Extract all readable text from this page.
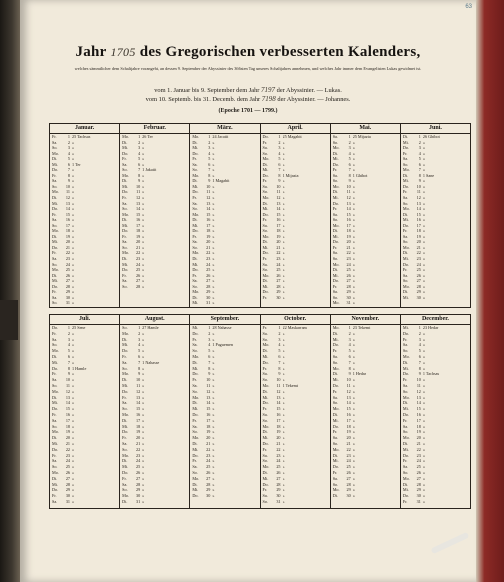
63
Jahr 1705 des Gregorischen verbesserten Kalenders,
welches sämmtlicher dem Schaltjahre vorangeht, an dessen 9. September der Abyssinier des 366sten Tag unseres Schaltjahres annehmen, und welches Jahr immer dem Evangelisten Lukas gewidmet ist.
vom 1. Januar bis 9. September dem Jahr 7197 der Abyssinier. — Lukas.
vom 10. Septemb. bis 31. Decemb. dem Jahr 7198 der Abyssinier. — Johannes.
(Epoche 1701 — 1799.)
Januar.
Fr.	1 25 Tachsas
Sa.	2 »
So.	3 »
Mo.	4 »
Di.	5 »
Mi.	6 1 Ter
Do.	7 »
Fr.	8 »
Sa.	9 »
So.	10 »
Mo.	11 »
Di.	12 »
Mi.	13 »
Do.	14 »
Fr.	15 »
Sa.	16 »
So.	17 »
Mo.	18 »
Di.	19 »
Mi.	20 »
Do.	21 »
Fr.	22 »
Sa.	23 »
So.	24 »
Mo.	25 »
Di.	26 »
Mi.	27 »
Do.	28 »
Fr.	29 »
Sa.	30 »
So.	31 »
Februar.
Mo.	1 26 Ter
Di.	2 »
Mi.	3 »
Do.	4 »
Fr.	5 »
Sa.	6 »
So.	7 1 Jakatit
Mo.	8 »
Di.	9 »
Mi.	10 »
Do.	11 »
Fr.	12 »
Sa.	13 »
So.	14 »
Mo.	15 »
Di.	16 »
Mi.	17 »
Do.	18 »
Fr.	19 »
Sa.	20 »
So.	21 »
Mo.	22 »
Di.	23 »
Mi.	24 »
Do.	25 »
Fr.	26 »
Sa.	27 »
So.	28 »
März.
Mo.	1 24 Jacatit
Di.	2 »
Mi.	3 »
Do.	4 »
Fr.	5 »
Sa.	6 »
So.	7 »
Mo.	8 »
Di.	9 1 Magabit
Mi.	10 »
Do.	11 »
Fr.	12 »
Sa.	13 »
So.	14 »
Mo.	15 »
Di.	16 »
Mi.	17 »
Do.	18 »
Fr.	19 »
Sa.	20 »
So.	21 »
Mo.	22 »
Di.	23 »
Mi.	24 »
Do.	25 »
Fr.	26 »
Sa.	27 »
So.	28 »
Mo.	29 »
Di.	30 »
Mi.	31 »
April.
Do.	1 25 Magabit
Fr.	2 »
Sa.	3 »
So.	4 »
Mo.	5 »
Di.	6 »
Mi.	7 »
Do.	8 1 Mijazia
Fr.	9 »
Sa.	10 »
So.	11 »
Mo.	12 »
Di.	13 »
Mi.	14 »
Do.	15 »
Fr.	16 »
Sa.	17 »
So.	18 »
Mo.	19 »
Di.	20 »
Mi.	21 »
Do.	22 »
Fr.	23 »
Sa.	24 »
So.	25 »
Mo.	26 »
Di.	27 »
Mi.	28 »
Do.	29 »
Fr.	30 »
Mai.
Sa.	1 25 Mijazia
So.	2 »
Mo.	3 »
Di.	4 »
Mi.	5 »
Do.	6 »
Fr.	7 »
Sa.	8 1 Ghibot
So.	9 »
Mo.	10 »
Di.	11 »
Mi.	12 »
Do.	13 »
Fr.	14 »
Sa.	15 »
So.	16 »
Mo.	17 »
Di.	18 »
Mi.	19 »
Do.	20 »
Fr.	21 »
Sa.	22 »
So.	23 »
Mo.	24 »
Di.	25 »
Mi.	26 »
Do.	27 »
Fr.	28 »
Sa.	29 »
So.	30 »
Mo.	31 »
Juni.
Di.	1 26 Ghibot
Mi.	2 »
Do.	3 »
Fr.	4 »
Sa.	5 »
So.	6 »
Mo.	7 »
Di.	8 1 Sane
Mi.	9 »
Do.	10 »
Fr.	11 »
Sa.	12 »
So.	13 »
Mo.	14 »
Di.	15 »
Mi.	16 »
Do.	17 »
Fr.	18 »
Sa.	19 »
So.	20 »
Mo.	21 »
Di.	22 »
Mi.	23 »
Do.	24 »
Fr.	25 »
Sa.	26 »
So.	27 »
Mo.	28 »
Di.	29 »
Mi.	30 »
Juli.
Do.	1 25 Sene
Fr.	2 »
Sa.	3 »
So.	4 »
Mo.	5 »
Di.	6 »
Mi.	7 »
Do.	8 1 Hamle
Fr.	9 »
Sa.	10 »
So.	11 »
Mo.	12 »
Di.	13 »
Mi.	14 »
Do.	15 »
Fr.	16 »
Sa.	17 »
So.	18 »
Mo.	19 »
Di.	20 »
Mi.	21 »
Do.	22 »
Fr.	23 »
Sa.	24 »
So.	25 »
Mo.	26 »
Di.	27 »
Mi.	28 »
Do.	29 »
Fr.	30 »
Sa.	31 »
August.
So.	1 27 Hamle
Mo.	2 »
Di.	3 »
Mi.	4 »
Do.	5 »
Fr.	6 »
Sa.	7 1 Nahasse
So.	8 »
Mo.	9 »
Di.	10 »
Mi.	11 »
Do.	12 »
Fr.	13 »
Sa.	14 »
So.	15 »
Mo.	16 »
Di.	17 »
Mi.	18 »
Do.	19 »
Fr.	20 »
Sa.	21 »
So.	22 »
Mo.	23 »
Di.	24 »
Mi.	25 »
Do.	26 »
Fr.	27 »
Sa.	28 »
So.	29 »
Mo.	30 »
Di.	31 »
September.
Mi.	1 28 Nahasse
Do.	2 »
Fr.	3 »
Sa.	4 1 Paguemen
So.	5 »
Mo.	6 »
Di.	7 »
Mi.	8 »
Do.	9 »
Fr.	10 »
Sa.	11 »
So.	12 »
Mo.	13 »
Di.	14 »
Mi.	15 »
Do.	16 »
Fr.	17 »
Sa.	18 »
So.	19 »
Mo.	20 »
Di.	21 »
Mi.	22 »
Do.	23 »
Fr.	24 »
Sa.	25 »
So.	26 »
Mo.	27 »
Di.	28 »
Mi.	29 »
Do.	30 »
October.
Fr.	1 22 Maskarram
Sa.	2 »
So.	3 »
Mo.	4 »
Di.	5 »
Mi.	6 »
Do.	7 »
Fr.	8 »
Sa.	9 »
So.	10 »
Mo.	11 1 Tekemt
Di.	12 »
Mi.	13 »
Do.	14 »
Fr.	15 »
Sa.	16 »
So.	17 »
Mo.	18 »
Di.	19 »
Mi.	20 »
Do.	21 »
Fr.	22 »
Sa.	23 »
So.	24 »
Mo.	25 »
Di.	26 »
Mi.	27 »
Do.	28 »
Fr.	29 »
Sa.	30 »
So.	31 »
November.
Mo.	1 23 Tekemt
Di.	2 »
Mi.	3 »
Do.	4 »
Fr.	5 »
Sa.	6 »
So.	7 »
Mo.	8 »
Di.	9 1 Hedar
Mi.	10 »
Do.	11 »
Fr.	12 »
Sa.	13 »
So.	14 »
Mo.	15 »
Di.	16 »
Mi.	17 »
Do.	18 »
Fr.	19 »
Sa.	20 »
So.	21 »
Mo.	22 »
Di.	23 »
Mi.	24 »
Do.	25 »
Fr.	26 »
Sa.	27 »
So.	28 »
Mo.	29 »
Di.	30 »
December.
Mi.	1 23 Hedar
Do.	2 »
Fr.	3 »
Sa.	4 »
So.	5 »
Mo.	6 »
Di.	7 »
Mi.	8 »
Do.	9 1 Tachsas
Fr.	10 »
Sa.	11 »
So.	12 »
Mo.	13 »
Di.	14 »
Mi.	15 »
Do.	16 »
Fr.	17 »
Sa.	18 »
So.	19 »
Mo.	20 »
Di.	21 »
Mi.	22 »
Do.	23 »
Fr.	24 »
Sa.	25 »
So.	26 »
Mo.	27 »
Di.	28 »
Mi.	29 »
Do.	30 »
Fr.	31 »
